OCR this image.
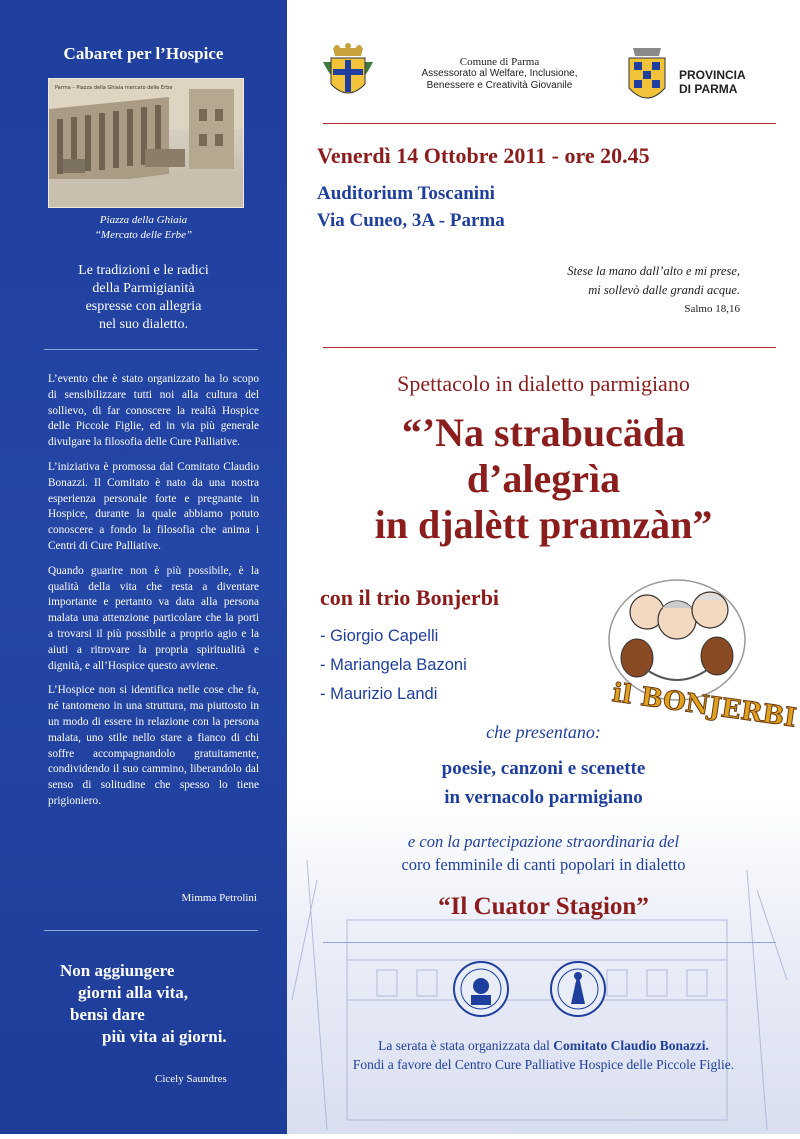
Cabaret per l’Hospice
Parma – Piazza della Ghiaia mercato delle Erbe
Piazza della Ghiaia
“Mercato delle Erbe”
Le tradizioni e le radici
della Parmigianità
espresse con allegria
nel suo dialetto.

L’evento che è stato organizzato ha lo scopo di sensibilizzare tutti noi alla cultura del sollievo, di far conoscere la realtà Hospice delle Piccole Figlie, ed in via più generale divulgare la filosofia delle Cure Palliative.

L’iniziativa è promossa dal Comitato Claudio Bonazzi. Il Comitato è nato da una nostra esperienza personale forte e pregnante in Hospice, durante la quale abbiamo potuto conoscere a fondo la filosofia che anima i Centri di Cure Palliative.

Quando guarire non è più possibile, è la qualità della vita che resta a diventare importante e pertanto va data alla persona malata una attenzione particolare che la porti a trovarsi il più possibile a proprio agio e la aiuti a ritrovare la propria spiritualità e dignità, e all’Hospice questo avviene.

L’Hospice non si identifica nelle cose che fa, né tantomeno in una struttura, ma piuttosto in un modo di essere in relazione con la persona malata, uno stile nello stare a fianco di chi soffre accompagnandolo gratuitamente, condividendo il suo cammino, liberandolo dal senso di solitudine che spesso lo tiene prigioniero.

Mimma Petrolini
Non aggiungere
giorni alla vita,
bensì dare
più vita ai giorni.
Cicely Saundres
Comune di Parma
Assessorato al Welfare, Inclusione,
Benessere e Creatività Giovanile
PROVINCIA
DI PARMA
Venerdì 14 Ottobre 2011 - ore 20.45
Auditorium Toscanini
Via Cuneo, 3A - Parma
Stese la mano dall’alto e mi prese,
mi sollevò dalle grandi acque.
Salmo 18,16
Spettacolo in dialetto parmigiano
“’Na strabucäda
d’alegrìa
in djalètt pramzàn”
con il trio Bonjerbi
- Giorgio Capelli
- Mariangela Bazoni
- Maurizio Landi	il BONJERBI
che presentano:
poesie, canzoni e scenette
in vernacolo parmigiano
e con la partecipazione straordinaria del
coro femminile di canti popolari in dialetto
“Il Cuator Stagion”
La serata è stata organizzata dal Comitato Claudio Bonazzi.
Fondi a favore del Centro Cure Palliative Hospice delle Piccole Figlie.
